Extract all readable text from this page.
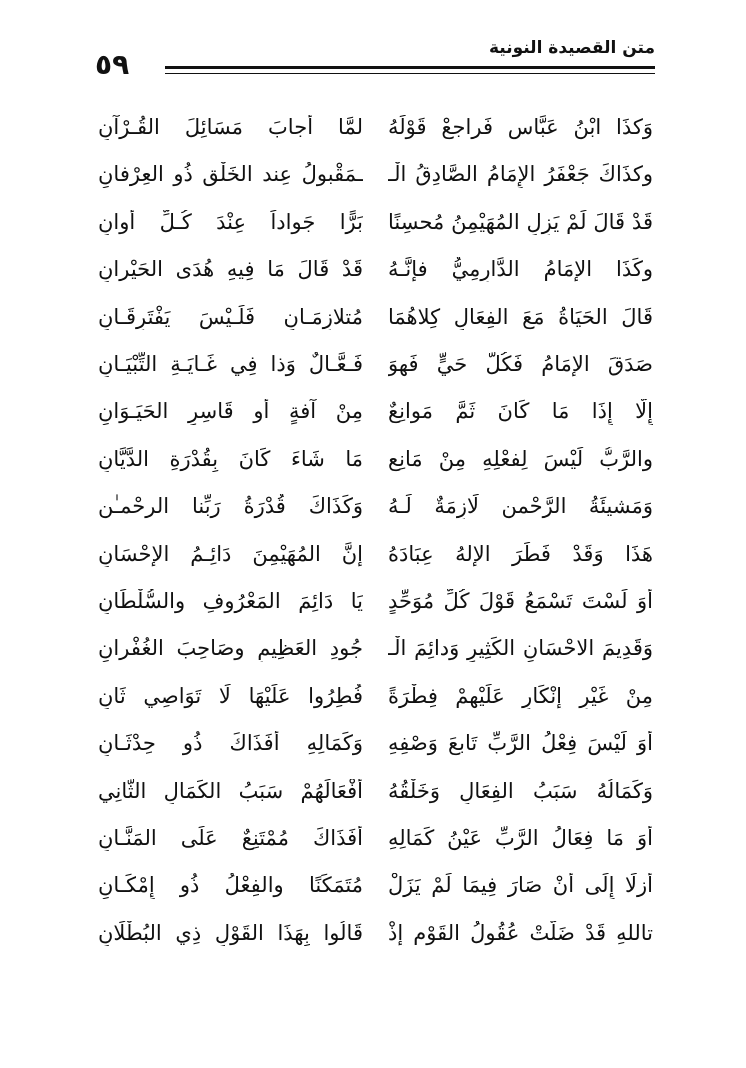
٥٩	متن القصيدة النونية
وَكذَا ابْنُ عَبَّاسٍ فَراجعْ قَوْلَهُ
لمَّا أَجابَ مَسَائِلَ القُـرْآنِ
وكذَاكَ جَعْفَرُ الإِمَامُ الصَّادِقُ الْـ
ـمَقْبولُ عِند الخَلْق ذُو العِرْفانِ
قَدْ قَالَ لَمْ يَزِلِ المُهَيْمِنُ مُحسِنًا
بَرًّا جَواداً عِنْدَ كُـلِّ أَوانِ
وكَذَا الإِمَامُ الدَّارِمِيُّ فإِنَّـهُ
قَدْ قَالَ مَا فِيهِ هُدَى الحَيْرانِ
قَالَ الحَيَاةُ مَعَ الفِعَالِ كِلاهُمَا
مُتلازِمَـانِ فَلَـيْسَ يَفْتَرِقَـانِ
صَدَقَ الإِمَامُ فَكُلُّ حَيٍّ فَهوَ
فَـعَّـالٌ وَذا فِي غَـايَـةِ التِّبْيَـانِ
إِلّا إِذَا مَا كَانَ ثَمَّ مَوانِعٌ
مِنْ آفةٍ أَو قَاسِرِ الحَيَـوَانِ
والرَّبُّ لَيْسَ لِفعْلِهِ مِنْ مَانِعٍ
مَا شَاءَ كَانَ بِقُدْرَةِ الدَّيَّانِ
وَمَشيئَةُ الرَّحْمنِ لَازِمَةٌ لَـهُ
وَكَذَاكَ قُدْرَةُ رَبِّنا الرحْمـٰنِ
هَذَا وَقَدْ فَطَرَ الإِلهُ عِبَادَهُ
إنَّ المُهَيْمِنَ دَائِـمُ الإِحْسَانِ
أَوَ لَسْتَ تَسْمَعُ قَوْلَ كُلِّ مُوَحِّدٍ
يَا دَائِمَ المَعْرُوفِ والسُّلْطَانِ
وَقَدِيمَ الاحْسَانِ الكَثِيرِ وَدائِمَ الْـ
جُودِ العَظِيمِ وصَاحِبَ الغُفْرانِ
مِنْ غَيْرِ إِنْكَارٍ عَلَيْهِمْ فِطْرَةً
فُطِرُوا عَلَيْهَا لَا تَوَاصِي ثَانِ
أَوَ لَيْسَ فِعْلُ الرَّبِّ تَابعَ وَصْفِهِ
وَكَمَالِهِ أَفَذَاكَ ذُو حِدْثَـانِ
وَكَمَالُهُ سَبَبُ الفِعَالِ وَخَلْقُهُ
أَفْعَالَهُمْ سَبَبُ الكَمَالِ الثَّانِي
أَوَ مَا فِعَالُ الرَّبِّ عَيْنُ كَمَالِهِ
أَفَذَاكَ مُمْتَنِعٌ عَلَى المَنَّـانِ
أَزلًا إِلَى أَنْ صَارَ فِيمَا لَمْ يَزَلْ
مُتَمَكِّنًا والفِعْلُ ذُو إِمْكَـانِ
تاللهِ قَدْ ضَلَّتْ عُقُولُ القَوْمِ إِذْ
قَالُوا بِهَذَا القَوْلِ ذِي البُطْلَانِ
